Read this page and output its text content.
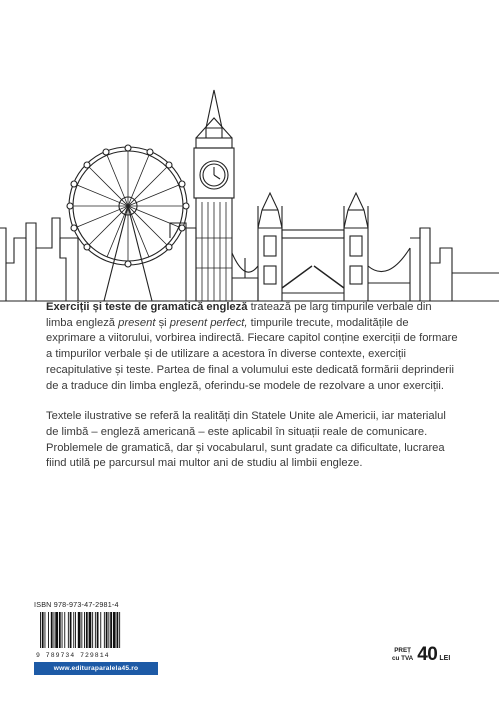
Exerciții și teste de gramatică engleză tratează pe larg timpurile verbale din limba engleză present și present perfect, timpurile trecute, modalitățile de exprimare a viitorului, vorbirea indirectă. Fiecare capitol conține exerciții de formare a timpurilor verbale și de utilizare a acestora în diverse contexte, exerciții recapitulative și teste. Partea de final a volumului este dedicată formării deprinderii de a traduce din limba engleză, oferindu-se modele de rezolvare a unor exerciții.

Textele ilustrative se referă la realități din Statele Unite ale Americii, iar materialul de limbă – engleză americană – este aplicabil în situații reale de comunicare. Problemele de gramatică, dar și vocabularul, sunt gradate ca dificultate, lucrarea fiind utilă pe parcursul mai multor ani de studiu al limbii engleze.

ISBN 978-973-47-2981-4
9 789734 729814
www.edituraparalela45.ro
PREȚ
cu TVA 40 LEI
